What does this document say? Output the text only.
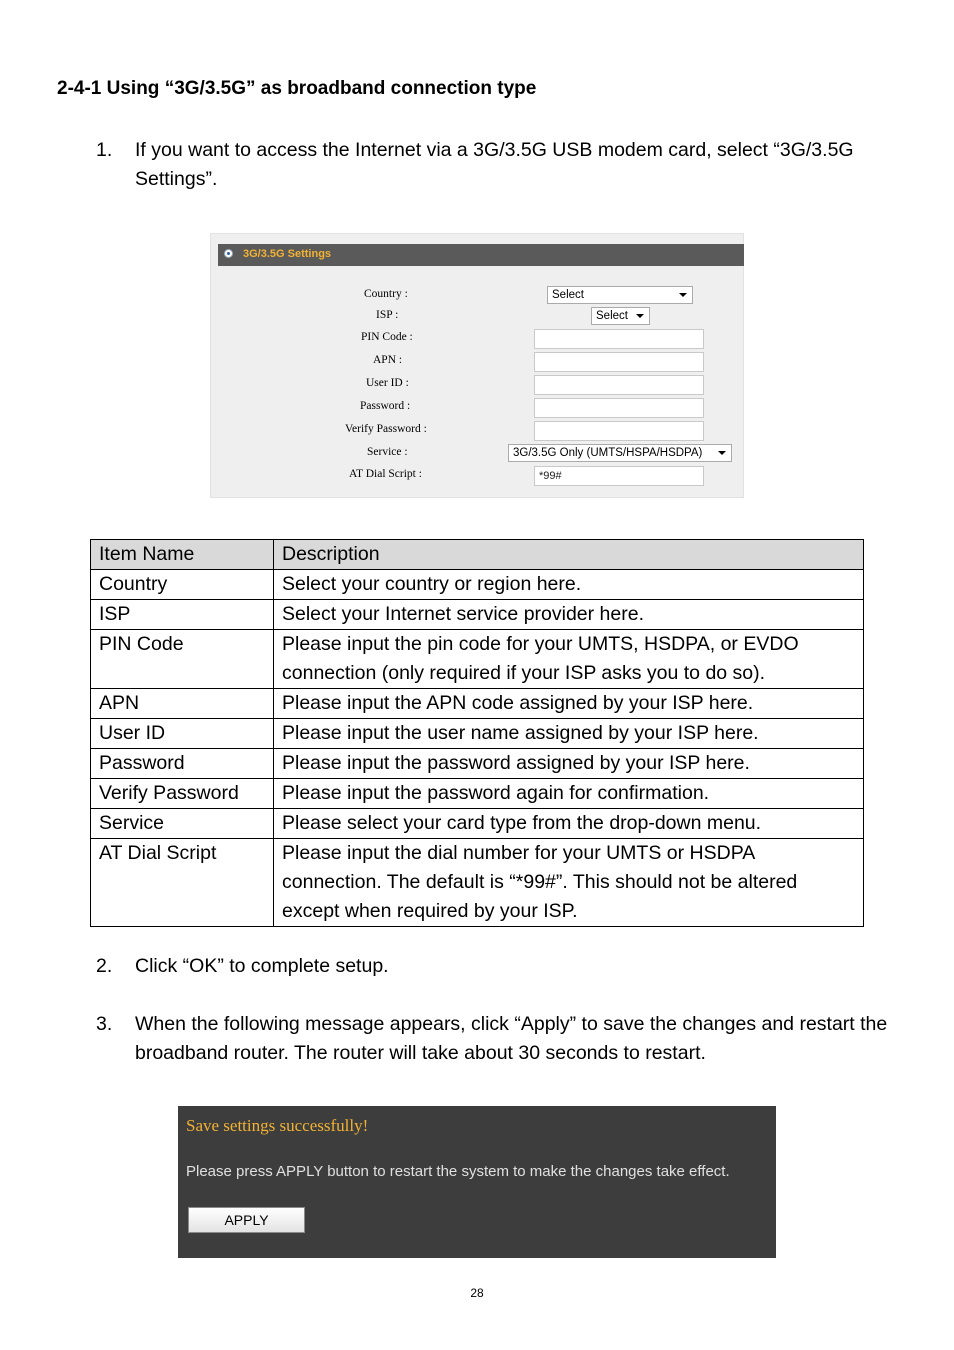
2-4-1 Using “3G/3.5G” as broadband connection type
1. If you want to access the Internet via a 3G/3.5G USB modem card, select “3G/3.5G Settings”.
3G/3.5G Settings
Country :	Select
ISP :	Select
PIN Code :
APN :
User ID :
Password :
Verify Password :
Service :	3G/3.5G Only (UMTS/HSPA/HSDPA)
AT Dial Script :	*99#
Item Name	Description
Country	Select your country or region here.
ISP	Select your Internet service provider here.
PIN Code	Please input the pin code for your UMTS, HSDPA, or EVDO connection (only required if your ISP asks you to do so).
APN	Please input the APN code assigned by your ISP here.
User ID	Please input the user name assigned by your ISP here.
Password	Please input the password assigned by your ISP here.
Verify Password	Please input the password again for confirmation.
Service	Please select your card type from the drop-down menu.
AT Dial Script	Please input the dial number for your UMTS or HSDPA connection. The default is “*99#”. This should not be altered except when required by your ISP.
2. Click “OK” to complete setup.
3. When the following message appears, click “Apply” to save the changes and restart the broadband router. The router will take about 30 seconds to restart.
Save settings successfully!
Please press APPLY button to restart the system to make the changes take effect.
APPLY
28
